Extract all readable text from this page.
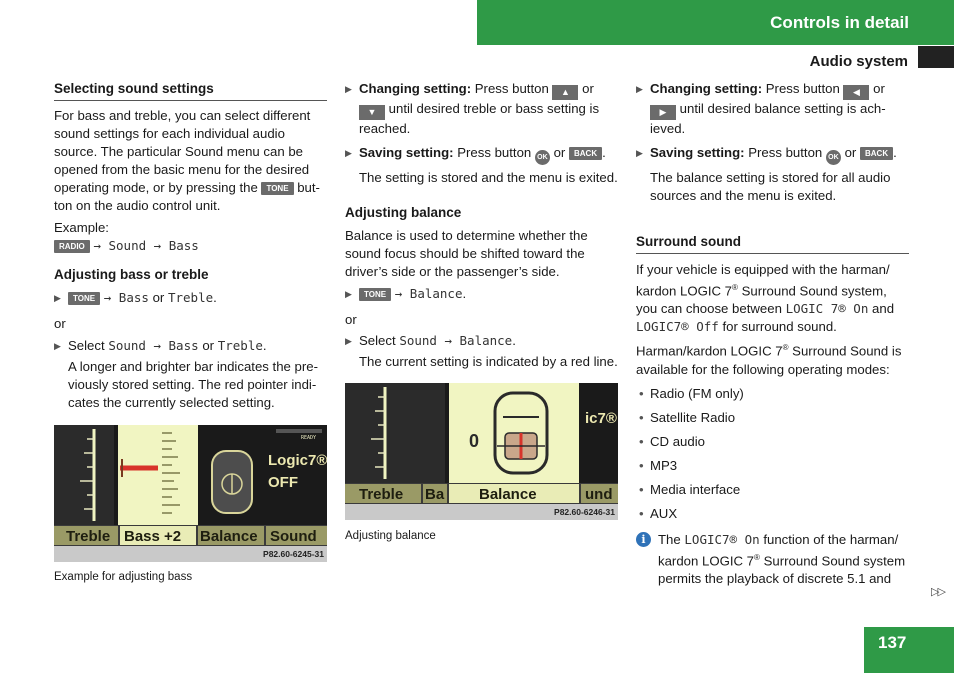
Controls in detail
Audio system
Selecting sound settings

For bass and treble, you can select different sound settings for each individual audio source. The particular Sound menu can be opened from the basic menu for the desired operating mode, or by pressing the TONE but-ton on the audio control unit.

Example:

RADIO → Sound → Bass

Adjusting bass or treble

▶ TONE → Bass or Treble.

or

▶ Select Sound → Bass or Treble.

A longer and brighter bar indicates the pre-viously stored setting. The red pointer indi-cates the currently selected setting.

READY
Logic7®
OFF
Treble Bass +2 Balance Sound
P82.60-6245-31

Example for adjusting bass

▶ Changing setting: Press button ▲ or ▼ until desired treble or bass setting is reached.

▶ Saving setting: Press button OK or BACK .

The setting is stored and the menu is exited.

Adjusting balance

Balance is used to determine whether the sound focus should be shifted toward the driver’s side or the passenger’s side.

▶ TONE → Balance.

or

▶ Select Sound → Balance.

The current setting is indicated by a red line.

0
ic7®
Treble Ba Balance	und
P82.60-6246-31

Adjusting balance

▶ Changing setting: Press button ◀ or ▶ until desired balance setting is ach-ieved.

▶ Saving setting: Press button OK or BACK .

The balance setting is stored for all audio sources and the menu is exited.

Surround sound

If your vehicle is equipped with the harman/ kardon LOGIC 7® Surround Sound system, you can choose between LOGIC 7® On and LOGIC7® Off for surround sound.

Harman/kardon LOGIC 7® Surround Sound is available for the following operating modes:

• Radio (FM only)

• Satellite Radio

• CD audio

• MP3

• Media interface

• AUX

i The LOGIC7® On function of the harman/ kardon LOGIC 7® Surround Sound system permits the playback of discrete 5.1 and

▷▷
137
